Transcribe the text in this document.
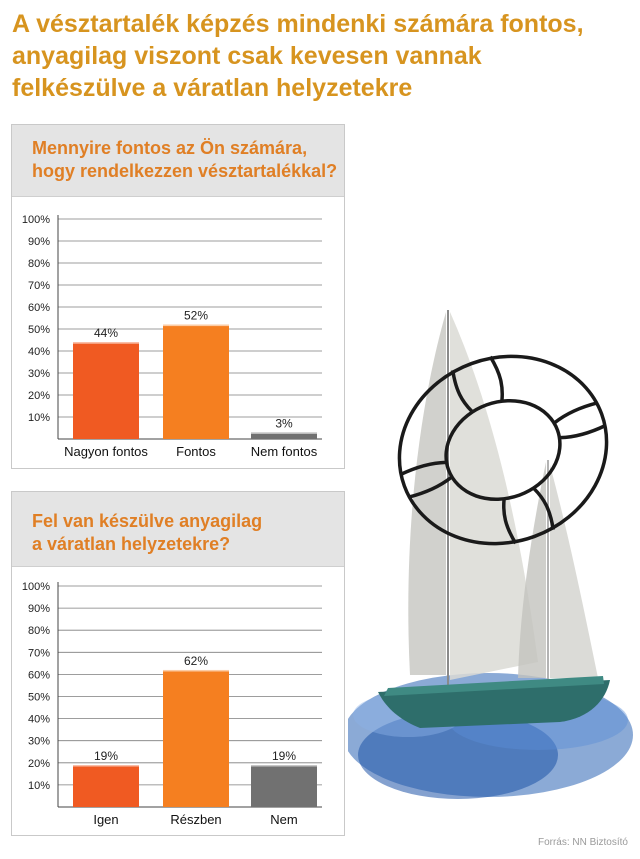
A vésztartalék képzés mindenki számára fontos, anyagilag viszont csak kevesen vannak felkészülve a váratlan helyzetekre
Mennyire fontos az Ön számára,
hogy rendelkezzen vésztartalékkal?
10%
20%
30%
40%
50%
60%
70%
80%
90%
100%
44%
Nagyon fontos
52%
Fontos
3%
Nem fontos
Fel van készülve anyagilag
a váratlan helyzetekre?
10%
20%
30%
40%
50%
60%
70%
80%
90%
100%
19%
Igen
62%
Részben
19%
Nem
Forrás: NN Biztosító
